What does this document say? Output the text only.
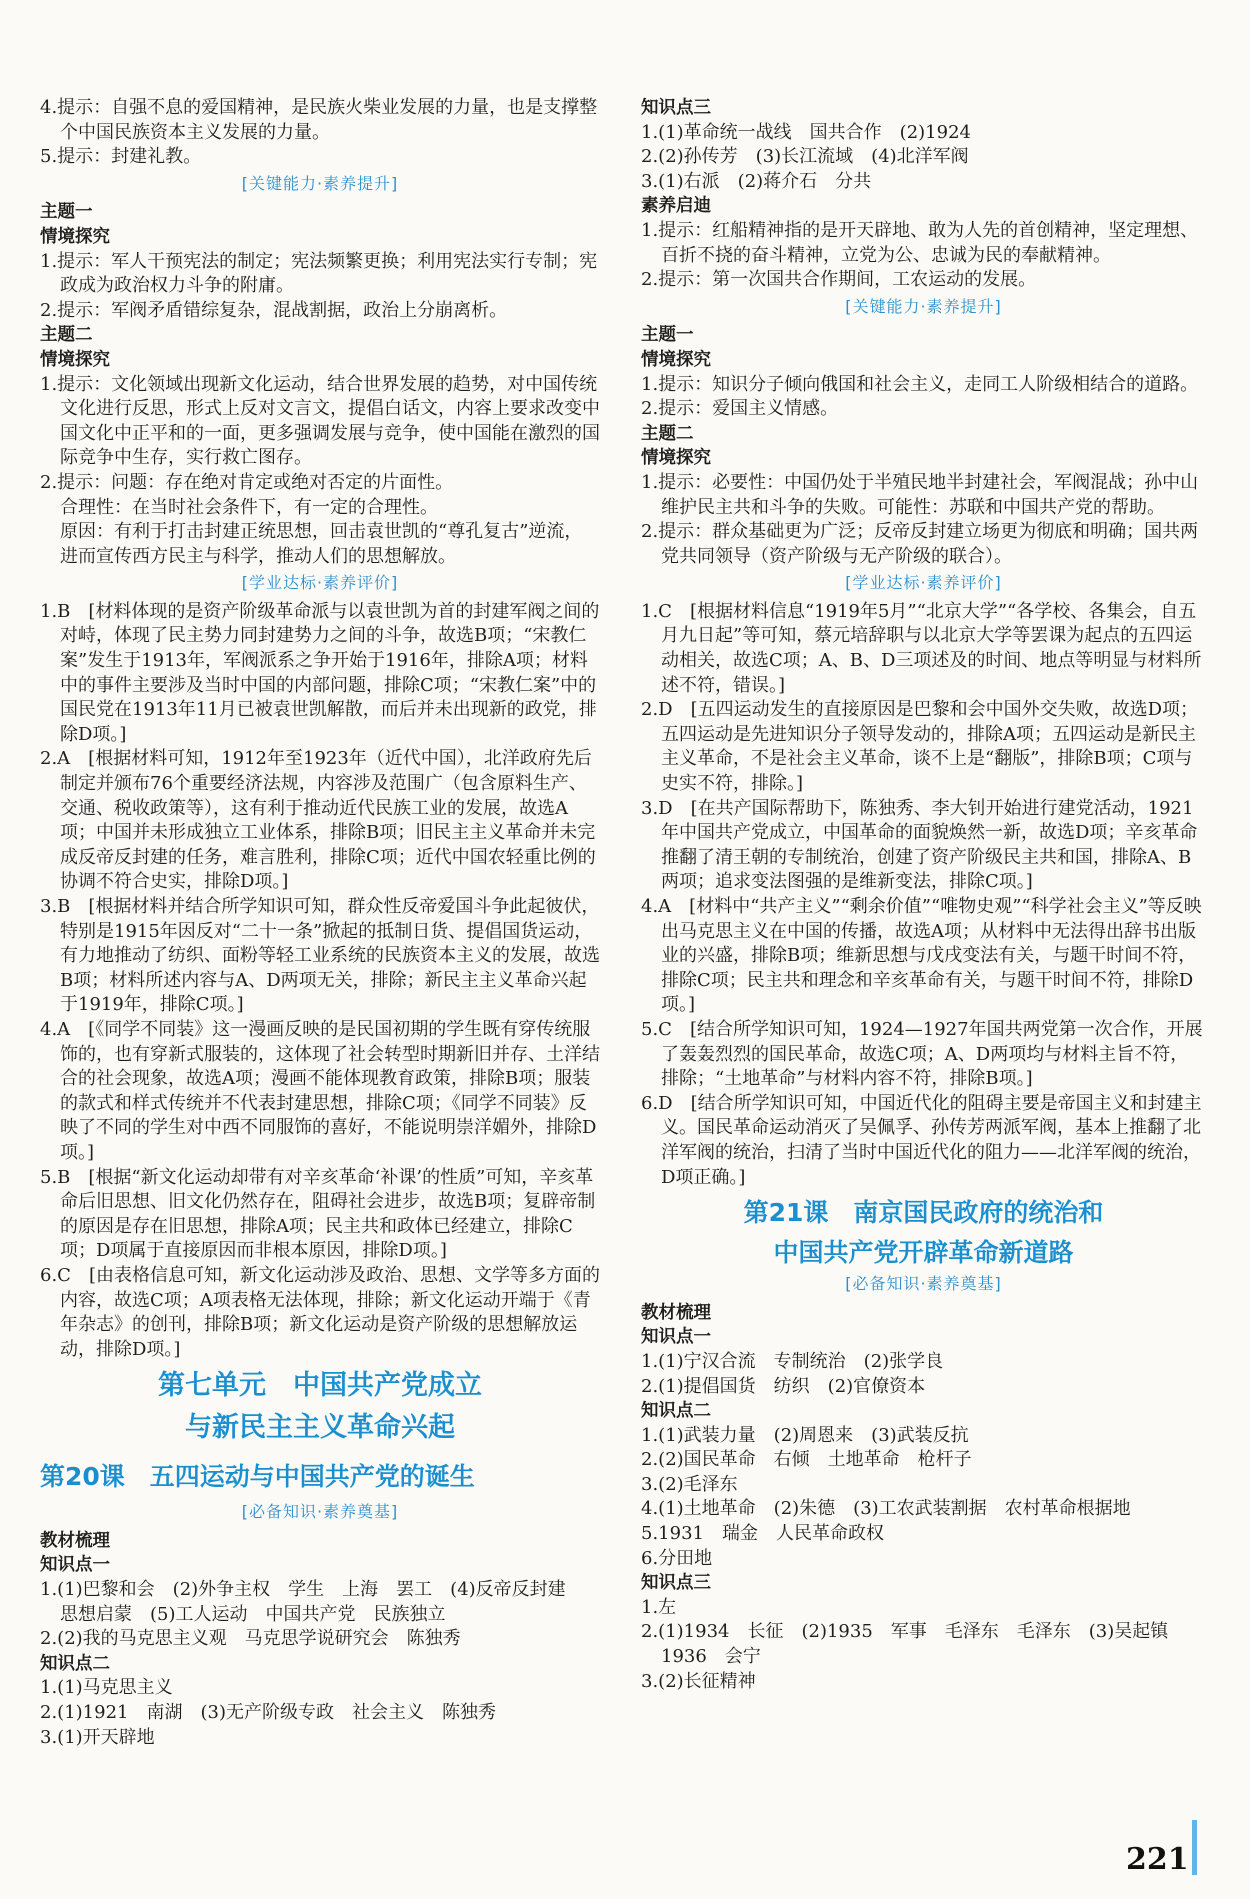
4.提示：自强不息的爱国精神，是民族火柴业发展的力量，也是支撑整个中国民族资本主义发展的力量。
5.提示：封建礼教。
[关键能力·素养提升]
主题一
情境探究
1.提示：军人干预宪法的制定；宪法频繁更换；利用宪法实行专制；宪政成为政治权力斗争的附庸。
2.提示：军阀矛盾错综复杂，混战割据，政治上分崩离析。
主题二
情境探究
1.提示：文化领域出现新文化运动，结合世界发展的趋势，对中国传统文化进行反思，形式上反对文言文，提倡白话文，内容上要求改变中国文化中正平和的一面，更多强调发展与竞争，使中国能在激烈的国际竞争中生存，实行救亡图存。
2.提示：问题：存在绝对肯定或绝对否定的片面性。
合理性：在当时社会条件下，有一定的合理性。
原因：有利于打击封建正统思想，回击袁世凯的“尊孔复古”逆流，进而宣传西方民主与科学，推动人们的思想解放。
[学业达标·素养评价]
1.B　[材料体现的是资产阶级革命派与以袁世凯为首的封建军阀之间的对峙，体现了民主势力同封建势力之间的斗争，故选B项；“宋教仁案”发生于1913年，军阀派系之争开始于1916年，排除A项；材料中的事件主要涉及当时中国的内部问题，排除C项；“宋教仁案”中的国民党在1913年11月已被袁世凯解散，而后并未出现新的政党，排除D项。]
2.A　[根据材料可知，1912年至1923年（近代中国），北洋政府先后制定并颁布76个重要经济法规，内容涉及范围广（包含原料生产、交通、税收政策等），这有利于推动近代民族工业的发展，故选A项；中国并未形成独立工业体系，排除B项；旧民主主义革命并未完成反帝反封建的任务，难言胜利，排除C项；近代中国农轻重比例的协调不符合史实，排除D项。]
3.B　[根据材料并结合所学知识可知，群众性反帝爱国斗争此起彼伏，特别是1915年因反对“二十一条”掀起的抵制日货、提倡国货运动，有力地推动了纺织、面粉等轻工业系统的民族资本主义的发展，故选B项；材料所述内容与A、D两项无关，排除；新民主主义革命兴起于1919年，排除C项。]
4.A　[《同学不同装》这一漫画反映的是民国初期的学生既有穿传统服饰的，也有穿新式服装的，这体现了社会转型时期新旧并存、土洋结合的社会现象，故选A项；漫画不能体现教育政策，排除B项；服装的款式和样式传统并不代表封建思想，排除C项；《同学不同装》反映了不同的学生对中西不同服饰的喜好，不能说明崇洋媚外，排除D项。]
5.B　[根据“新文化运动却带有对辛亥革命‘补课’的性质”可知，辛亥革命后旧思想、旧文化仍然存在，阻碍社会进步，故选B项；复辟帝制的原因是存在旧思想，排除A项；民主共和政体已经建立，排除C项；D项属于直接原因而非根本原因，排除D项。]
6.C　[由表格信息可知，新文化运动涉及政治、思想、文学等多方面的内容，故选C项；A项表格无法体现，排除；新文化运动开端于《青年杂志》的创刊，排除B项；新文化运动是资产阶级的思想解放运动，排除D项。]
第七单元　中国共产党成立
与新民主主义革命兴起
第20课　五四运动与中国共产党的诞生
[必备知识·素养奠基]
教材梳理
知识点一
1.(1)巴黎和会　(2)外争主权　学生　上海　罢工　(4)反帝反封建　思想启蒙　(5)工人运动　中国共产党　民族独立
2.(2)我的马克思主义观　马克思学说研究会　陈独秀
知识点二
1.(1)马克思主义
2.(1)1921　南湖　(3)无产阶级专政　社会主义　陈独秀
3.(1)开天辟地
知识点三
1.(1)革命统一战线　国共合作　(2)1924
2.(2)孙传芳　(3)长江流域　(4)北洋军阀
3.(1)右派　(2)蒋介石　分共
素养启迪
1.提示：红船精神指的是开天辟地、敢为人先的首创精神，坚定理想、百折不挠的奋斗精神，立党为公、忠诚为民的奉献精神。
2.提示：第一次国共合作期间，工农运动的发展。
[关键能力·素养提升]
主题一
情境探究
1.提示：知识分子倾向俄国和社会主义，走同工人阶级相结合的道路。
2.提示：爱国主义情感。
主题二
情境探究
1.提示：必要性：中国仍处于半殖民地半封建社会，军阀混战；孙中山维护民主共和斗争的失败。可能性：苏联和中国共产党的帮助。
2.提示：群众基础更为广泛；反帝反封建立场更为彻底和明确；国共两党共同领导（资产阶级与无产阶级的联合）。
[学业达标·素养评价]
1.C　[根据材料信息“1919年5月”“北京大学”“各学校、各集会，自五月九日起”等可知，蔡元培辞职与以北京大学等罢课为起点的五四运动相关，故选C项；A、B、D三项述及的时间、地点等明显与材料所述不符，错误。]
2.D　[五四运动发生的直接原因是巴黎和会中国外交失败，故选D项；五四运动是先进知识分子领导发动的，排除A项；五四运动是新民主主义革命，不是社会主义革命，谈不上是“翻版”，排除B项；C项与史实不符，排除。]
3.D　[在共产国际帮助下，陈独秀、李大钊开始进行建党活动，1921年中国共产党成立，中国革命的面貌焕然一新，故选D项；辛亥革命推翻了清王朝的专制统治，创建了资产阶级民主共和国，排除A、B两项；追求变法图强的是维新变法，排除C项。]
4.A　[材料中“共产主义”“剩余价值”“唯物史观”“科学社会主义”等反映出马克思主义在中国的传播，故选A项；从材料中无法得出辞书出版业的兴盛，排除B项；维新思想与戊戌变法有关，与题干时间不符，排除C项；民主共和理念和辛亥革命有关，与题干时间不符，排除D项。]
5.C　[结合所学知识可知，1924—1927年国共两党第一次合作，开展了轰轰烈烈的国民革命，故选C项；A、D两项均与材料主旨不符，排除；“土地革命”与材料内容不符，排除B项。]
6.D　[结合所学知识可知，中国近代化的阻碍主要是帝国主义和封建主义。国民革命运动消灭了吴佩孚、孙传芳两派军阀，基本上推翻了北洋军阀的统治，扫清了当时中国近代化的阻力——北洋军阀的统治，D项正确。]
第21课　南京国民政府的统治和
中国共产党开辟革命新道路
[必备知识·素养奠基]
教材梳理
知识点一
1.(1)宁汉合流　专制统治　(2)张学良
2.(1)提倡国货　纺织　(2)官僚资本
知识点二
1.(1)武装力量　(2)周恩来　(3)武装反抗
2.(2)国民革命　右倾　土地革命　枪杆子
3.(2)毛泽东
4.(1)土地革命　(2)朱德　(3)工农武装割据　农村革命根据地
5.1931　瑞金　人民革命政权
6.分田地
知识点三
1.左
2.(1)1934　长征　(2)1935　军事　毛泽东　毛泽东　(3)吴起镇　1936　会宁
3.(2)长征精神
221
